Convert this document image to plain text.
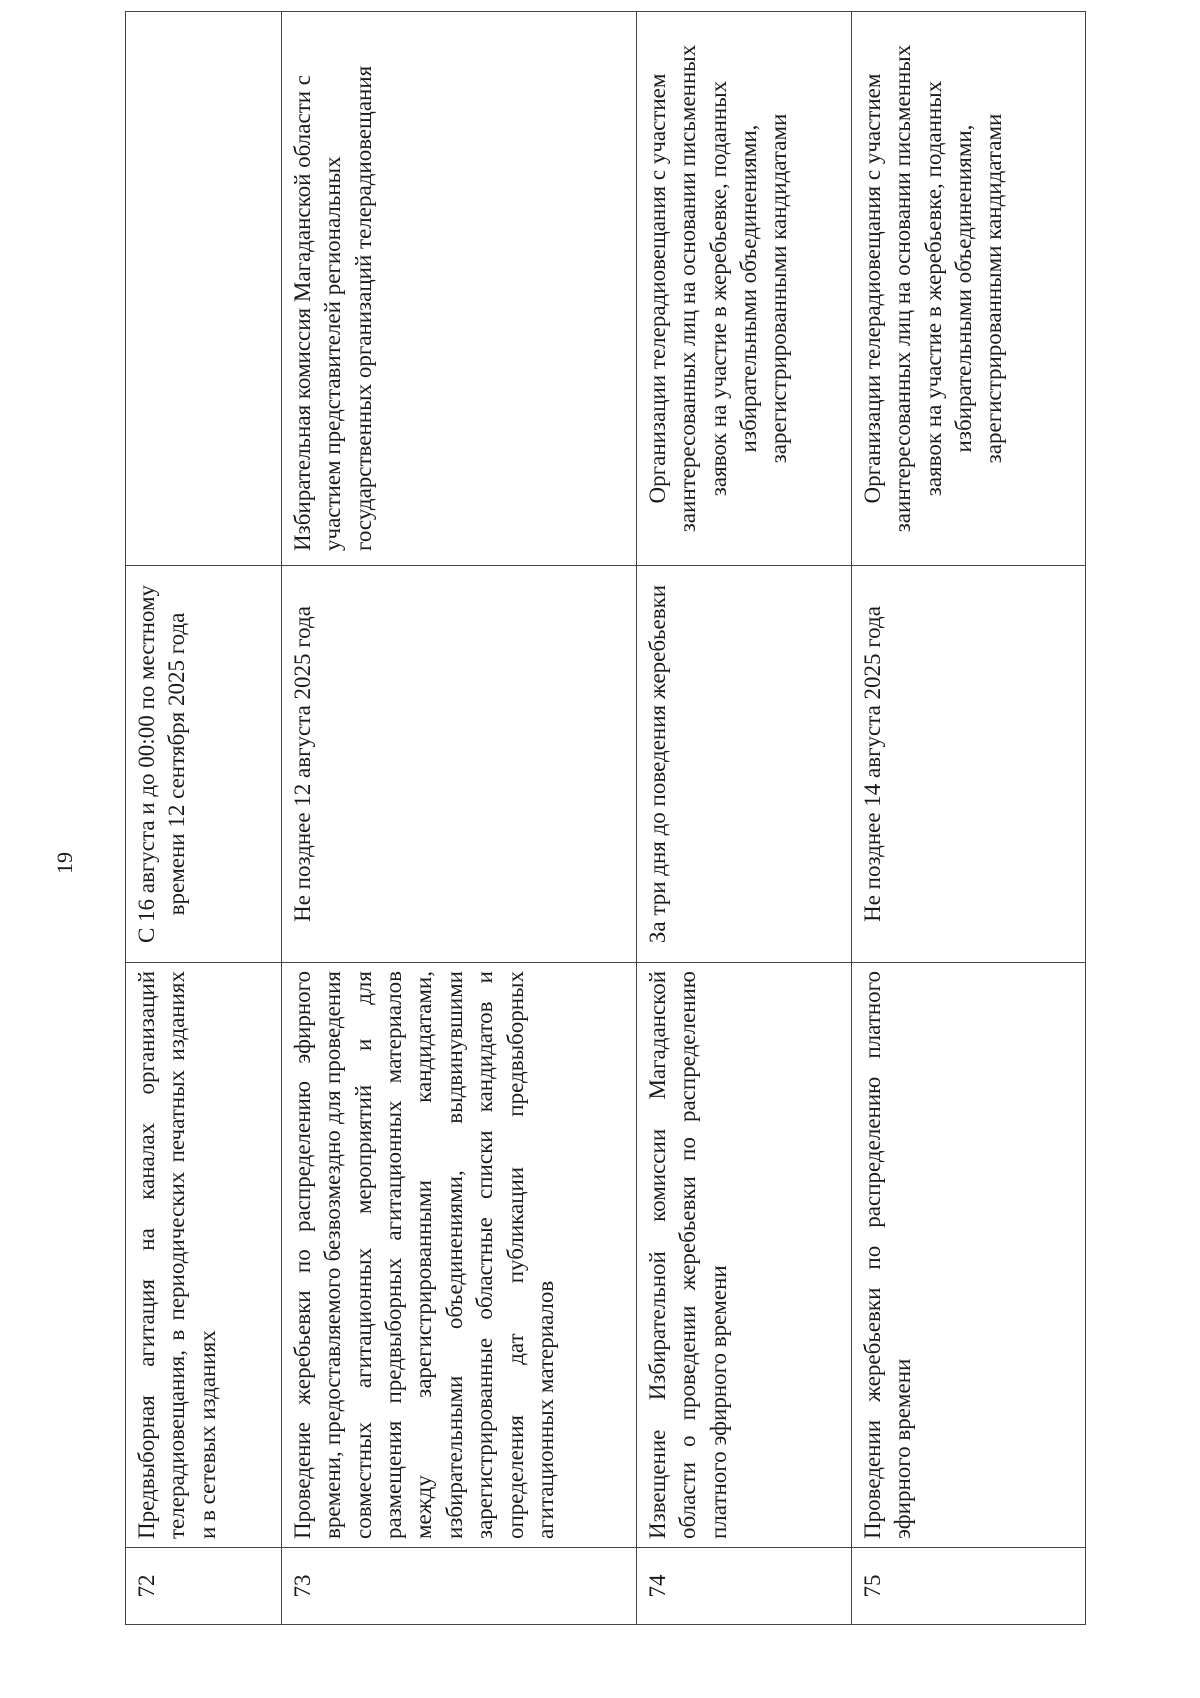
19
72	Предвыборная агитация на каналах организаций телерадиовещания, в периодических печатных изданиях и в сетевых изданиях	С 16 августа и до 00:00 по местному времени 12 сентября 2025 года	
73	Проведение жеребьевки по распределению эфирного времени, предоставляемого безвозмездно для проведения совместных агитационных мероприятий и для размещения предвыборных агитационных материалов между зарегистрированными кандидатами, избирательными объединениями, выдвинувшими зарегистрированные областные списки кандидатов и определения дат публикации предвыборных агитационных материалов	Не позднее 12 августа 2025 года	Избирательная комиссия Магаданской области с участием представителей региональных государственных организаций телерадиовещания
74	Извещение Избирательной комиссии Магаданской области о проведении жеребьевки по распределению платного эфирного времени	За три дня до поведения жеребьевки	Организации телерадиовещания с участием заинтересованных лиц на основании письменных заявок на участие в жеребьевке, поданных избирательными объединениями, зарегистрированными кандидатами
75	Проведении жеребьевки по распределению платного эфирного времени	Не позднее 14 августа 2025 года	Организации телерадиовещания с участием заинтересованных лиц на основании письменных заявок на участие в жеребьевке, поданных избирательными объединениями, зарегистрированными кандидатами
